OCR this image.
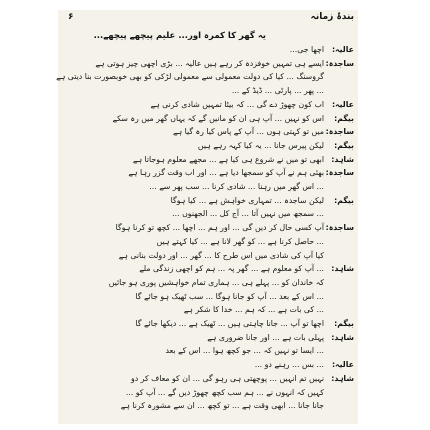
بندۂ زمانہ
۶
یہ گھر کا کمرہ اور... علیم پیچھے پیچھے...
عالیہ:
اچھا جی...
ساجدہ:
ایسے ہی تمہیں خوفزدہ کر رہے ہیں عالیہ ... بڑی اچھی چیز ہوتی ہے
گروسنگ ... کیا کی دولت معمولی سے معمولی لڑکی کو بھی خوبصورت بنا دیتی ہے
... پھر ... پارٹی ... ڈیڈ کے ...
عالیہ:
اب کون چھوڑ دے گی ... کہ بیٹا تمہیں شادی کرنی ہے
بیگم:
اس کو نہیں ... آپ ہی ان کو مانیں گے کہ یہاں گھر میں رہ سکے
ساجدہ:
میں تو کہتی ہوں ... آپ کے پاس کیا رہ گیا ہے
بیگم:
لیکن پیرس جانا ... یہ کیا کہہ رہے ہیں
شاہد:
ابھی تو میں نے شروع ہی کیا ہے ... مجھے معلوم ہوجاتا ہے
ساجدہ:
بھئی ہم نے آپ کو سمجھا دیا ہے ... اور اب وقت گزر رہا ہے
... اس گھر میں رہنا ... شادی کرنا ... سب پھر سے ...
بیگم:
لیکن ساجدہ ... تمہاری خواہش ہے ... کیا ہوگا
... سمجھ میں نہیں آتا ... آج کل ... الجھنوں ...
ساجدہ:
آپ کسی حال کر دیں گی ... اور ہم ... اچھا ... کچھ تو کرنا ہوگا
... حاصل کرنا ہے ... کو گھر لانا ہے ... کیا کہتے ہیں
کیا آپ کی شادی میں اس طرح کا ... گھر ... اور دولت بنانی ہے
شاہد:
... آپ کو معلوم ہے ... گھر پہ ... ہم کو اچھی زندگی ملے
کہ خاندان کو ... پہلے ہی ... ہماری تمام خواہشیں پوری ہو جائیں
... اس کے بعد ... آپ کو جانا ہوگا ... سب ٹھیک ہو جائے گا
... کی بات ہے ... کہ ہم ... خدا کا شکر ہے
بیگم:
اچھا تو آپ ... جانا چاہتی ہیں ... ٹھیک ہے ... دیکھا جائے گا
شاہد:
پہلی بات ہے ... اور جانا ضروری ہے
... ایسا تو نہیں کہ ... جو کچھ ہوا ... اس کے بعد
عالیہ:
... بس ... رہنے دو ...
شاہد:
نہیں تم انہیں ... پوچھتی ہی رہو گی ... ان کو معاف کر دو
کہیں کہ انہوں نے ... ہم سب کچھ چھوڑ دیں گے ... آپ کو ...
جانا جانا ... ابھی وقت ہے ... تو کچھ ... ان سے مشورہ کرنا ہے
